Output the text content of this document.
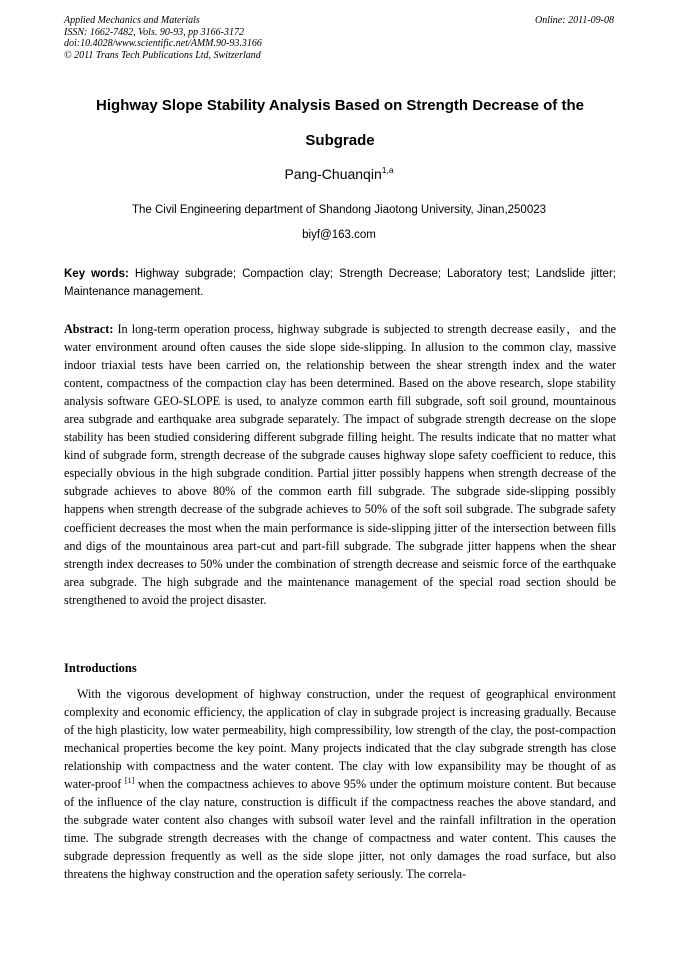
Applied Mechanics and Materials
ISSN: 1662-7482, Vols. 90-93, pp 3166-3172
doi:10.4028/www.scientific.net/AMM.90-93.3166
© 2011 Trans Tech Publications Ltd, Switzerland
Online: 2011-09-08
Highway Slope Stability Analysis Based on Strength Decrease of the Subgrade
Pang-Chuanqin$^{1,a}$
The Civil Engineering department of Shandong Jiaotong University, Jinan,250023
biyf@163.com
Key words: Highway subgrade; Compaction clay; Strength Decrease; Laboratory test; Landslide jitter; Maintenance management.
Abstract: In long-term operation process, highway subgrade is subjected to strength decrease easily，and the water environment around often causes the side slope side-slipping. In allusion to the common clay, massive indoor triaxial tests have been carried on, the relationship between the shear strength index and the water content, compactness of the compaction clay has been determined. Based on the above research, slope stability analysis software GEO-SLOPE is used, to analyze common earth fill subgrade, soft soil ground, mountainous area subgrade and earthquake area subgrade separately. The impact of subgrade strength decrease on the slope stability has been studied considering different subgrade filling height. The results indicate that no matter what kind of subgrade form, strength decrease of the subgrade causes highway slope safety coefficient to reduce, this especially obvious in the high subgrade condition. Partial jitter possibly happens when strength decrease of the subgrade achieves to above 80% of the common earth fill subgrade. The subgrade side-slipping possibly happens when strength decrease of the subgrade achieves to 50% of the soft soil subgrade. The subgrade safety coefficient decreases the most when the main performance is side-slipping jitter of the intersection between fills and digs of the mountainous area part-cut and part-fill subgrade. The subgrade jitter happens when the shear strength index decreases to 50% under the combination of strength decrease and seismic force of the earthquake area subgrade. The high subgrade and the maintenance management of the special road section should be strengthened to avoid the project disaster.
Introductions
With the vigorous development of highway construction, under the request of geographical environment complexity and economic efficiency, the application of clay in subgrade project is increasing gradually. Because of the high plasticity, low water permeability, high compressibility, low strength of the clay, the post-compaction mechanical properties become the key point. Many projects indicated that the clay subgrade strength has close relationship with compactness and the water content. The clay with low expansibility may be thought of as water-proof [1] when the compactness achieves to above 95% under the optimum moisture content. But because of the influence of the clay nature, construction is difficult if the compactness reaches the above standard, and the subgrade water content also changes with subsoil water level and the rainfall infiltration in the operation time. The subgrade strength decreases with the change of compactness and water content. This causes the subgrade depression frequently as well as the side slope jitter, not only damages the road surface, but also threatens the highway construction and the operation safety seriously. The correla-
